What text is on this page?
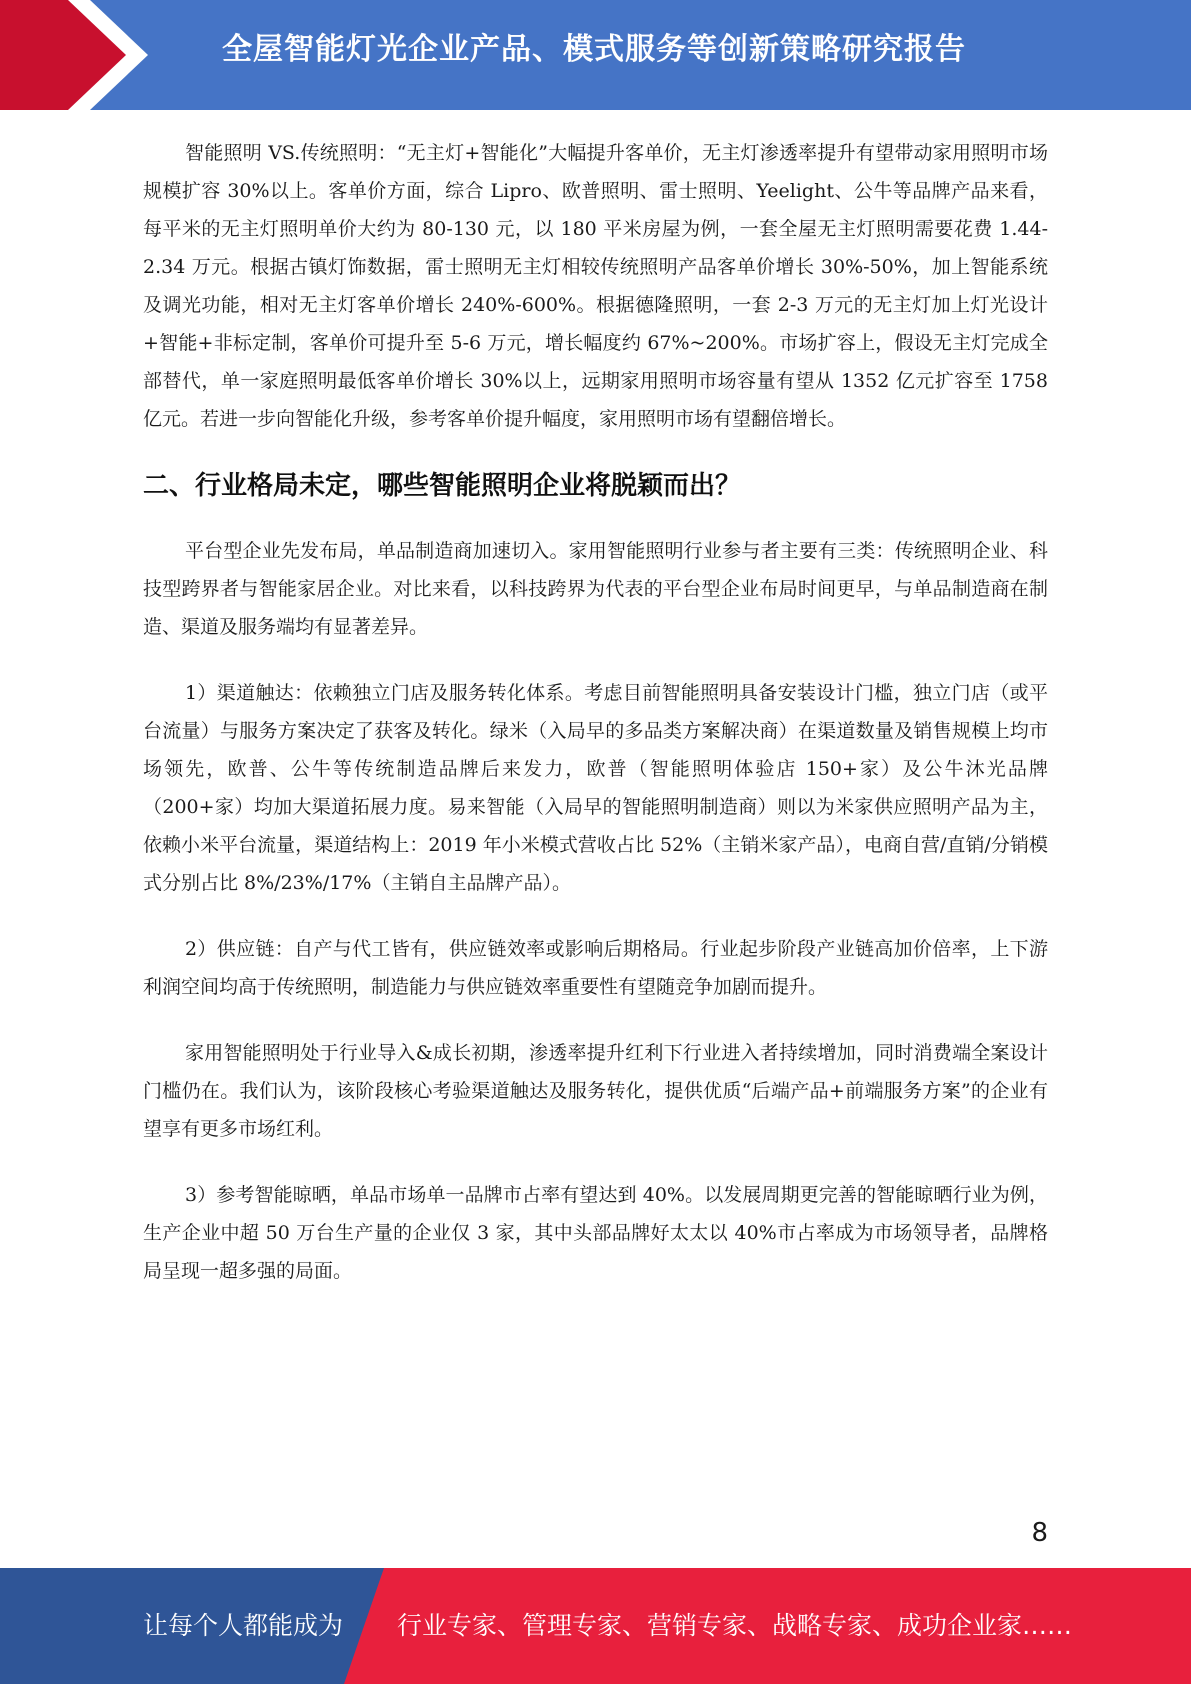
全屋智能灯光企业产品、模式服务等创新策略研究报告

智能照明 VS.传统照明：“无主灯+智能化”大幅提升客单价，无主灯渗透率提升有望带动家用照明市场规模扩容 30%以上。客单价方面，综合 Lipro、欧普照明、雷士照明、Yeelight、公牛等品牌产品来看，每平米的无主灯照明单价大约为 80-130 元，以 180 平米房屋为例，一套全屋无主灯照明需要花费 1.44-2.34 万元。根据古镇灯饰数据，雷士照明无主灯相较传统照明产品客单价增长 30%-50%，加上智能系统及调光功能，相对无主灯客单价增长 240%-600%。根据德隆照明，一套 2-3 万元的无主灯加上灯光设计+智能+非标定制，客单价可提升至 5-6 万元，增长幅度约 67%~200%。市场扩容上，假设无主灯完成全部替代，单一家庭照明最低客单价增长 30%以上，远期家用照明市场容量有望从 1352 亿元扩容至 1758 亿元。若进一步向智能化升级，参考客单价提升幅度，家用照明市场有望翻倍增长。

二、行业格局未定，哪些智能照明企业将脱颖而出？

平台型企业先发布局，单品制造商加速切入。家用智能照明行业参与者主要有三类：传统照明企业、科技型跨界者与智能家居企业。对比来看，以科技跨界为代表的平台型企业布局时间更早，与单品制造商在制造、渠道及服务端均有显著差异。

1）渠道触达：依赖独立门店及服务转化体系。考虑目前智能照明具备安装设计门槛，独立门店（或平台流量）与服务方案决定了获客及转化。绿米（入局早的多品类方案解决商）在渠道数量及销售规模上均市场领先，欧普、公牛等传统制造品牌后来发力，欧普（智能照明体验店 150+家）及公牛沐光品牌（200+家）均加大渠道拓展力度。易来智能（入局早的智能照明制造商）则以为米家供应照明产品为主，依赖小米平台流量，渠道结构上：2019 年小米模式营收占比 52%（主销米家产品），电商自营/直销/分销模式分别占比 8%/23%/17%（主销自主品牌产品）。

2）供应链：自产与代工皆有，供应链效率或影响后期格局。行业起步阶段产业链高加价倍率，上下游利润空间均高于传统照明，制造能力与供应链效率重要性有望随竞争加剧而提升。

家用智能照明处于行业导入&成长初期，渗透率提升红利下行业进入者持续增加，同时消费端全案设计门槛仍在。我们认为，该阶段核心考验渠道触达及服务转化，提供优质“后端产品+前端服务方案”的企业有望享有更多市场红利。

3）参考智能晾晒，单品市场单一品牌市占率有望达到 40%。以发展周期更完善的智能晾晒行业为例，生产企业中超 50 万台生产量的企业仅 3 家，其中头部品牌好太太以 40%市占率成为市场领导者，品牌格局呈现一超多强的局面。

8
让每个人都能成为 行业专家、管理专家、营销专家、战略专家、成功企业家……
